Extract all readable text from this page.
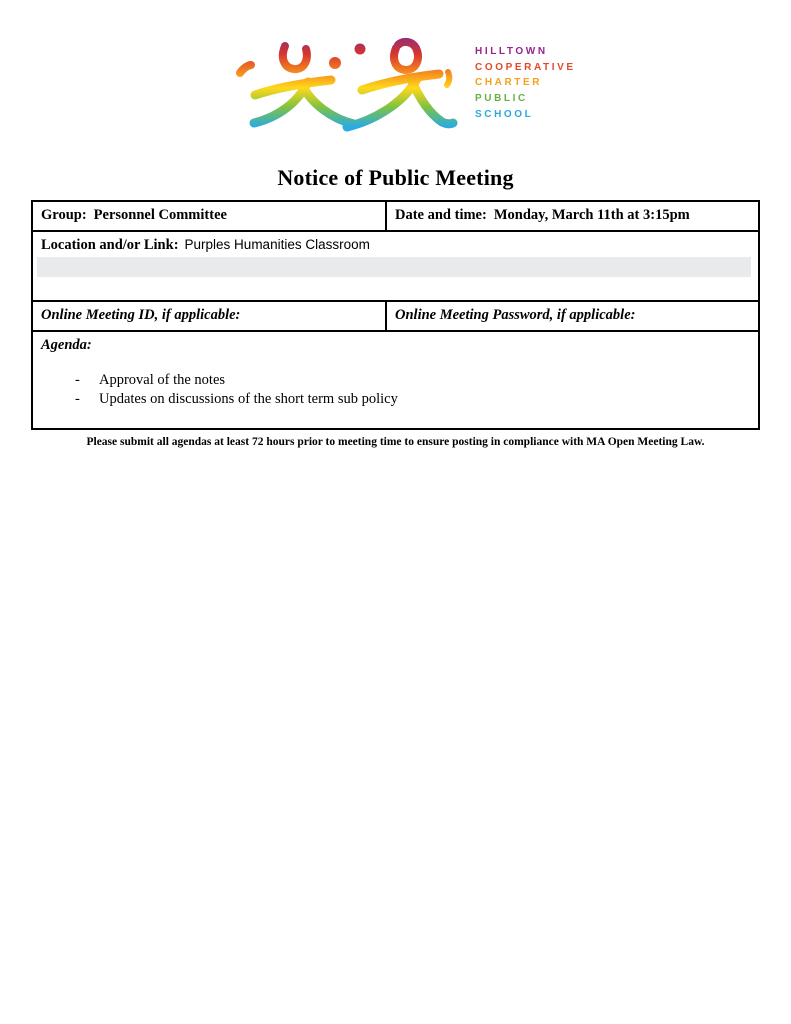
HILLTOWN
COOPERATIVE
CHARTER
PUBLIC
SCHOOL
Notice of Public Meeting
Group: Personnel Committee	Date and time: Monday, March 11th at 3:15pm
Location and/or Link: Purples Humanities Classroom
Online Meeting ID, if applicable:	Online Meeting Password, if applicable:
Agenda:
-	Approval of the notes
-	Updates on discussions of the short term sub policy
Please submit all agendas at least 72 hours prior to meeting time to ensure posting in compliance with MA Open Meeting Law.
